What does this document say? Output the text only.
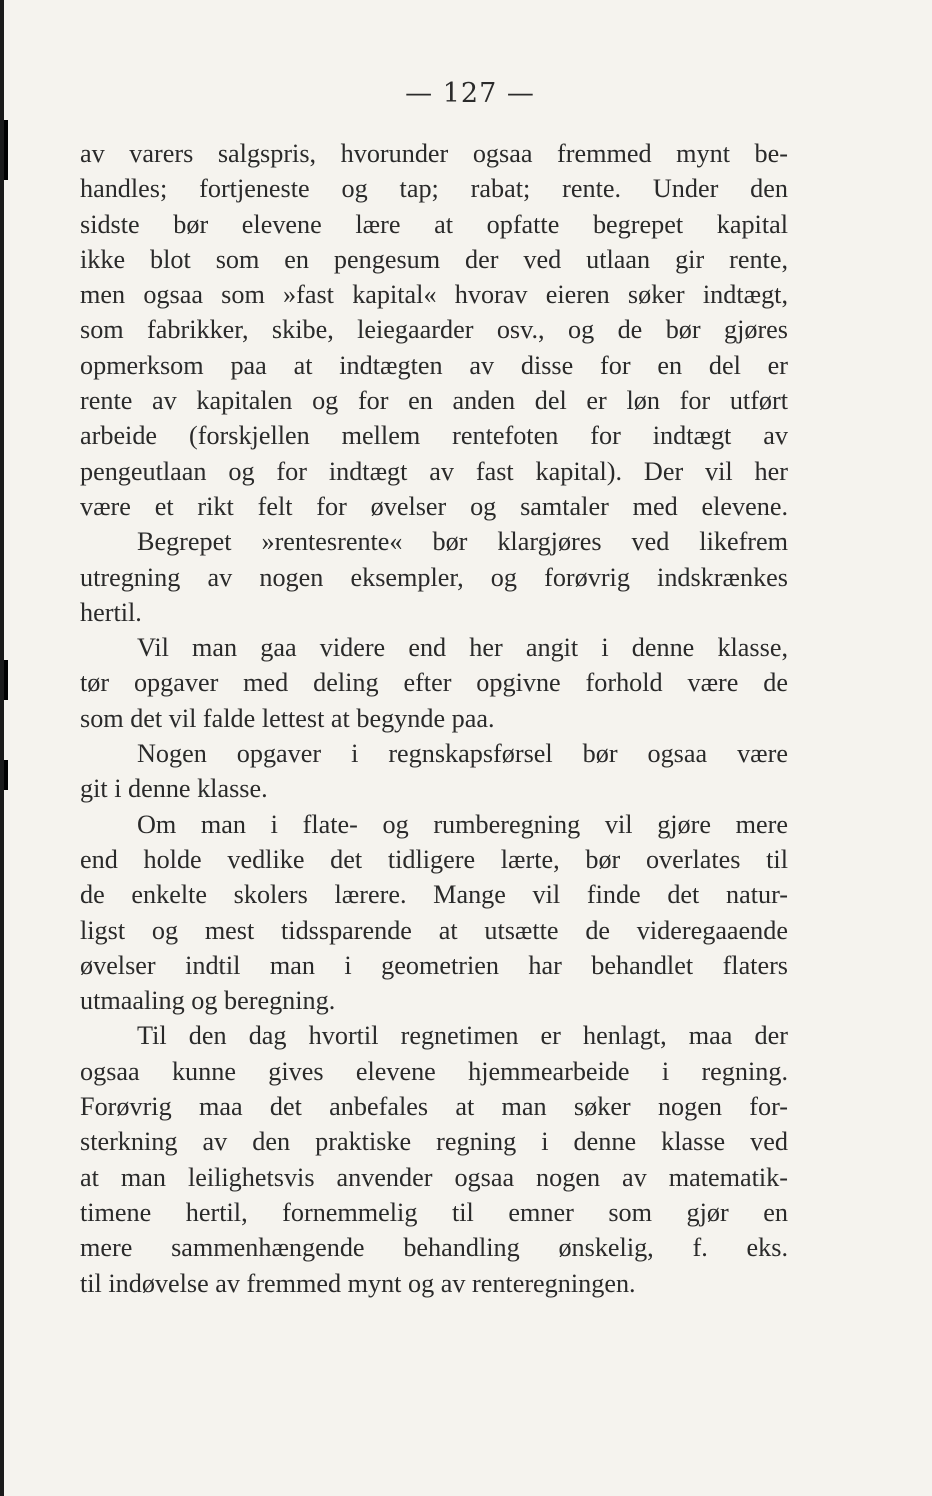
— 127 —
av varers salgspris, hvorunder ogsaa fremmed mynt be-
handles; fortjeneste og tap; rabat; rente. Under den
sidste bør elevene lære at opfatte begrepet kapital
ikke blot som en pengesum der ved utlaan gir rente,
men ogsaa som »fast kapital« hvorav eieren søker indtægt,
som fabrikker, skibe, leiegaarder osv., og de bør gjøres
opmerksom paa at indtægten av disse for en del er
rente av kapitalen og for en anden del er løn for utført
arbeide (forskjellen mellem rentefoten for indtægt av
pengeutlaan og for indtægt av fast kapital). Der vil her
være et rikt felt for øvelser og samtaler med elevene.
Begrepet »rentesrente« bør klargjøres ved likefrem
utregning av nogen eksempler, og forøvrig indskrænkes
hertil.
Vil man gaa videre end her angit i denne klasse,
tør opgaver med deling efter opgivne forhold være de
som det vil falde lettest at begynde paa.
Nogen opgaver i regnskapsførsel bør ogsaa være
git i denne klasse.
Om man i flate- og rumberegning vil gjøre mere
end holde vedlike det tidligere lærte, bør overlates til
de enkelte skolers lærere. Mange vil finde det natur-
ligst og mest tidssparende at utsætte de videregaaende
øvelser indtil man i geometrien har behandlet flaters
utmaaling og beregning.
Til den dag hvortil regnetimen er henlagt, maa der
ogsaa kunne gives elevene hjemmearbeide i regning.
Forøvrig maa det anbefales at man søker nogen for-
sterkning av den praktiske regning i denne klasse ved
at man leilighetsvis anvender ogsaa nogen av matematik-
timene hertil, fornemmelig til emner som gjør en
mere sammenhængende behandling ønskelig, f. eks.
til indøvelse av fremmed mynt og av renteregningen.
